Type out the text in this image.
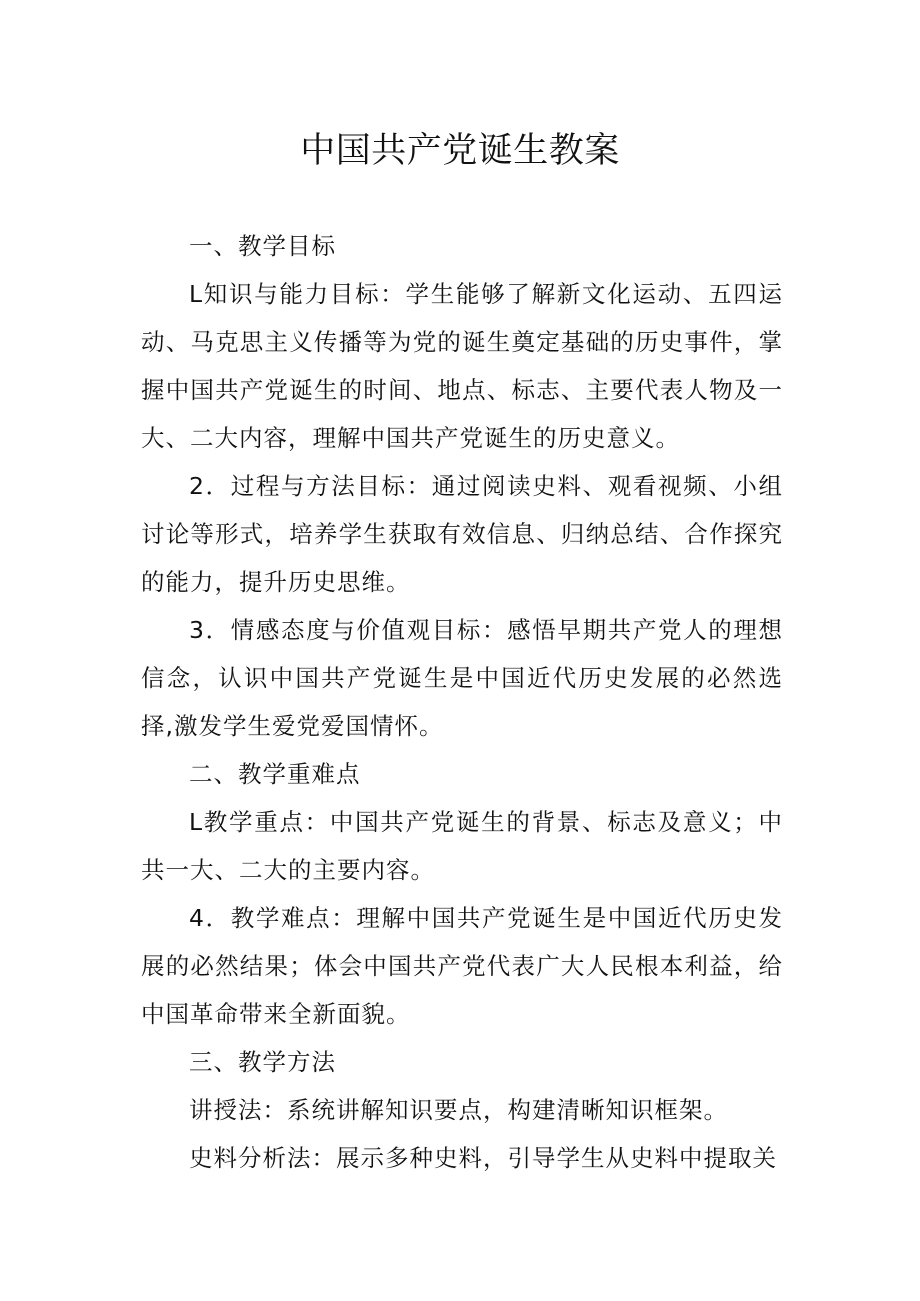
中国共产党诞生教案

一、教学目标

L知识与能力目标：学生能够了解新文化运动、五四运动、马克思主义传播等为党的诞生奠定基础的历史事件，掌握中国共产党诞生的时间、地点、标志、主要代表人物及一大、二大内容，理解中国共产党诞生的历史意义。

2．过程与方法目标：通过阅读史料、观看视频、小组讨论等形式，培养学生获取有效信息、归纳总结、合作探究的能力，提升历史思维。

3．情感态度与价值观目标：感悟早期共产党人的理想信念，认识中国共产党诞生是中国近代历史发展的必然选择,激发学生爱党爱国情怀。

二、教学重难点

L教学重点：中国共产党诞生的背景、标志及意义；中共一大、二大的主要内容。

4．教学难点：理解中国共产党诞生是中国近代历史发展的必然结果；体会中国共产党代表广大人民根本利益，给中国革命带来全新面貌。

三、教学方法

讲授法：系统讲解知识要点，构建清晰知识框架。

史料分析法：展示多种史料，引导学生从史料中提取关
